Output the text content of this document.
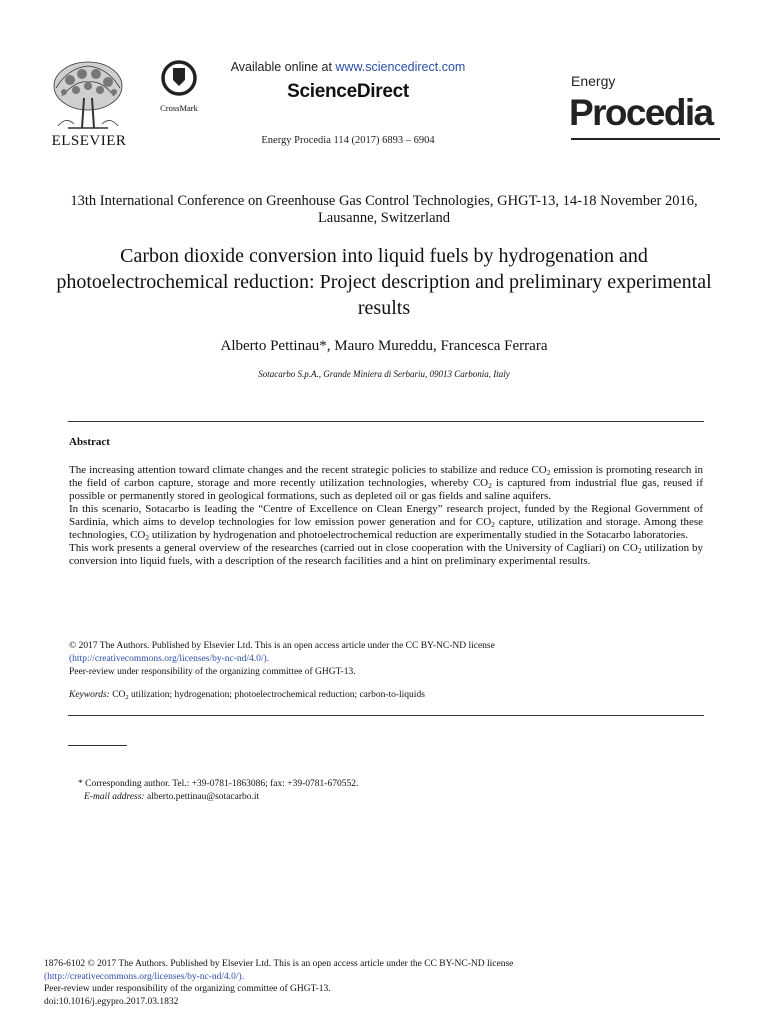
ELSEVIER
CrossMark
Available online at www.sciencedirect.com
ScienceDirect
Energy Procedia 114 (2017) 6893 – 6904
Energy
Procedia
13th International Conference on Greenhouse Gas Control Technologies, GHGT-13, 14-18 November 2016, Lausanne, Switzerland
Carbon dioxide conversion into liquid fuels by hydrogenation and photoelectrochemical reduction: Project description and preliminary experimental results
Alberto Pettinau*, Mauro Mureddu, Francesca Ferrara
Sotacarbo S.p.A., Grande Miniera di Serbariu, 09013 Carbonia, Italy
Abstract

The increasing attention toward climate changes and the recent strategic policies to stabilize and reduce $CO_2$ emission is promoting research in the field of carbon capture, storage and more recently utilization technologies, whereby $CO_2$ is captured from industrial flue gas, reused if possible or permanently stored in geological formations, such as depleted oil or gas fields and saline aquifers.

In this scenario, Sotacarbo is leading the “Centre of Excellence on Clean Energy” research project, funded by the Regional Government of Sardinia, which aims to develop technologies for low emission power generation and for $CO_2$ capture, utilization and storage. Among these technologies, $CO_2$ utilization by hydrogenation and photoelectrochemical reduction are experimentally studied in the Sotacarbo laboratories.

This work presents a general overview of the researches (carried out in close cooperation with the University of Cagliari) on $CO_2$ utilization by conversion into liquid fuels, with a description of the research facilities and a hint on preliminary experimental results.

© 2017 The Authors. Published by Elsevier Ltd. This is an open access article under the CC BY-NC-ND license
(http://creativecommons.org/licenses/by-nc-nd/4.0/).
Peer-review under responsibility of the organizing committee of GHGT-13.
Keywords: $CO_2$ utilization; hydrogenation; photoelectrochemical reduction; carbon-to-liquids
* Corresponding author. Tel.: +39-0781-1863086; fax: +39-0781-670552.
E-mail address: alberto.pettinau@sotacarbo.it
1876-6102 © 2017 The Authors. Published by Elsevier Ltd. This is an open access article under the CC BY-NC-ND license
(http://creativecommons.org/licenses/by-nc-nd/4.0/).
Peer-review under responsibility of the organizing committee of GHGT-13.
doi:10.1016/j.egypro.2017.03.1832
